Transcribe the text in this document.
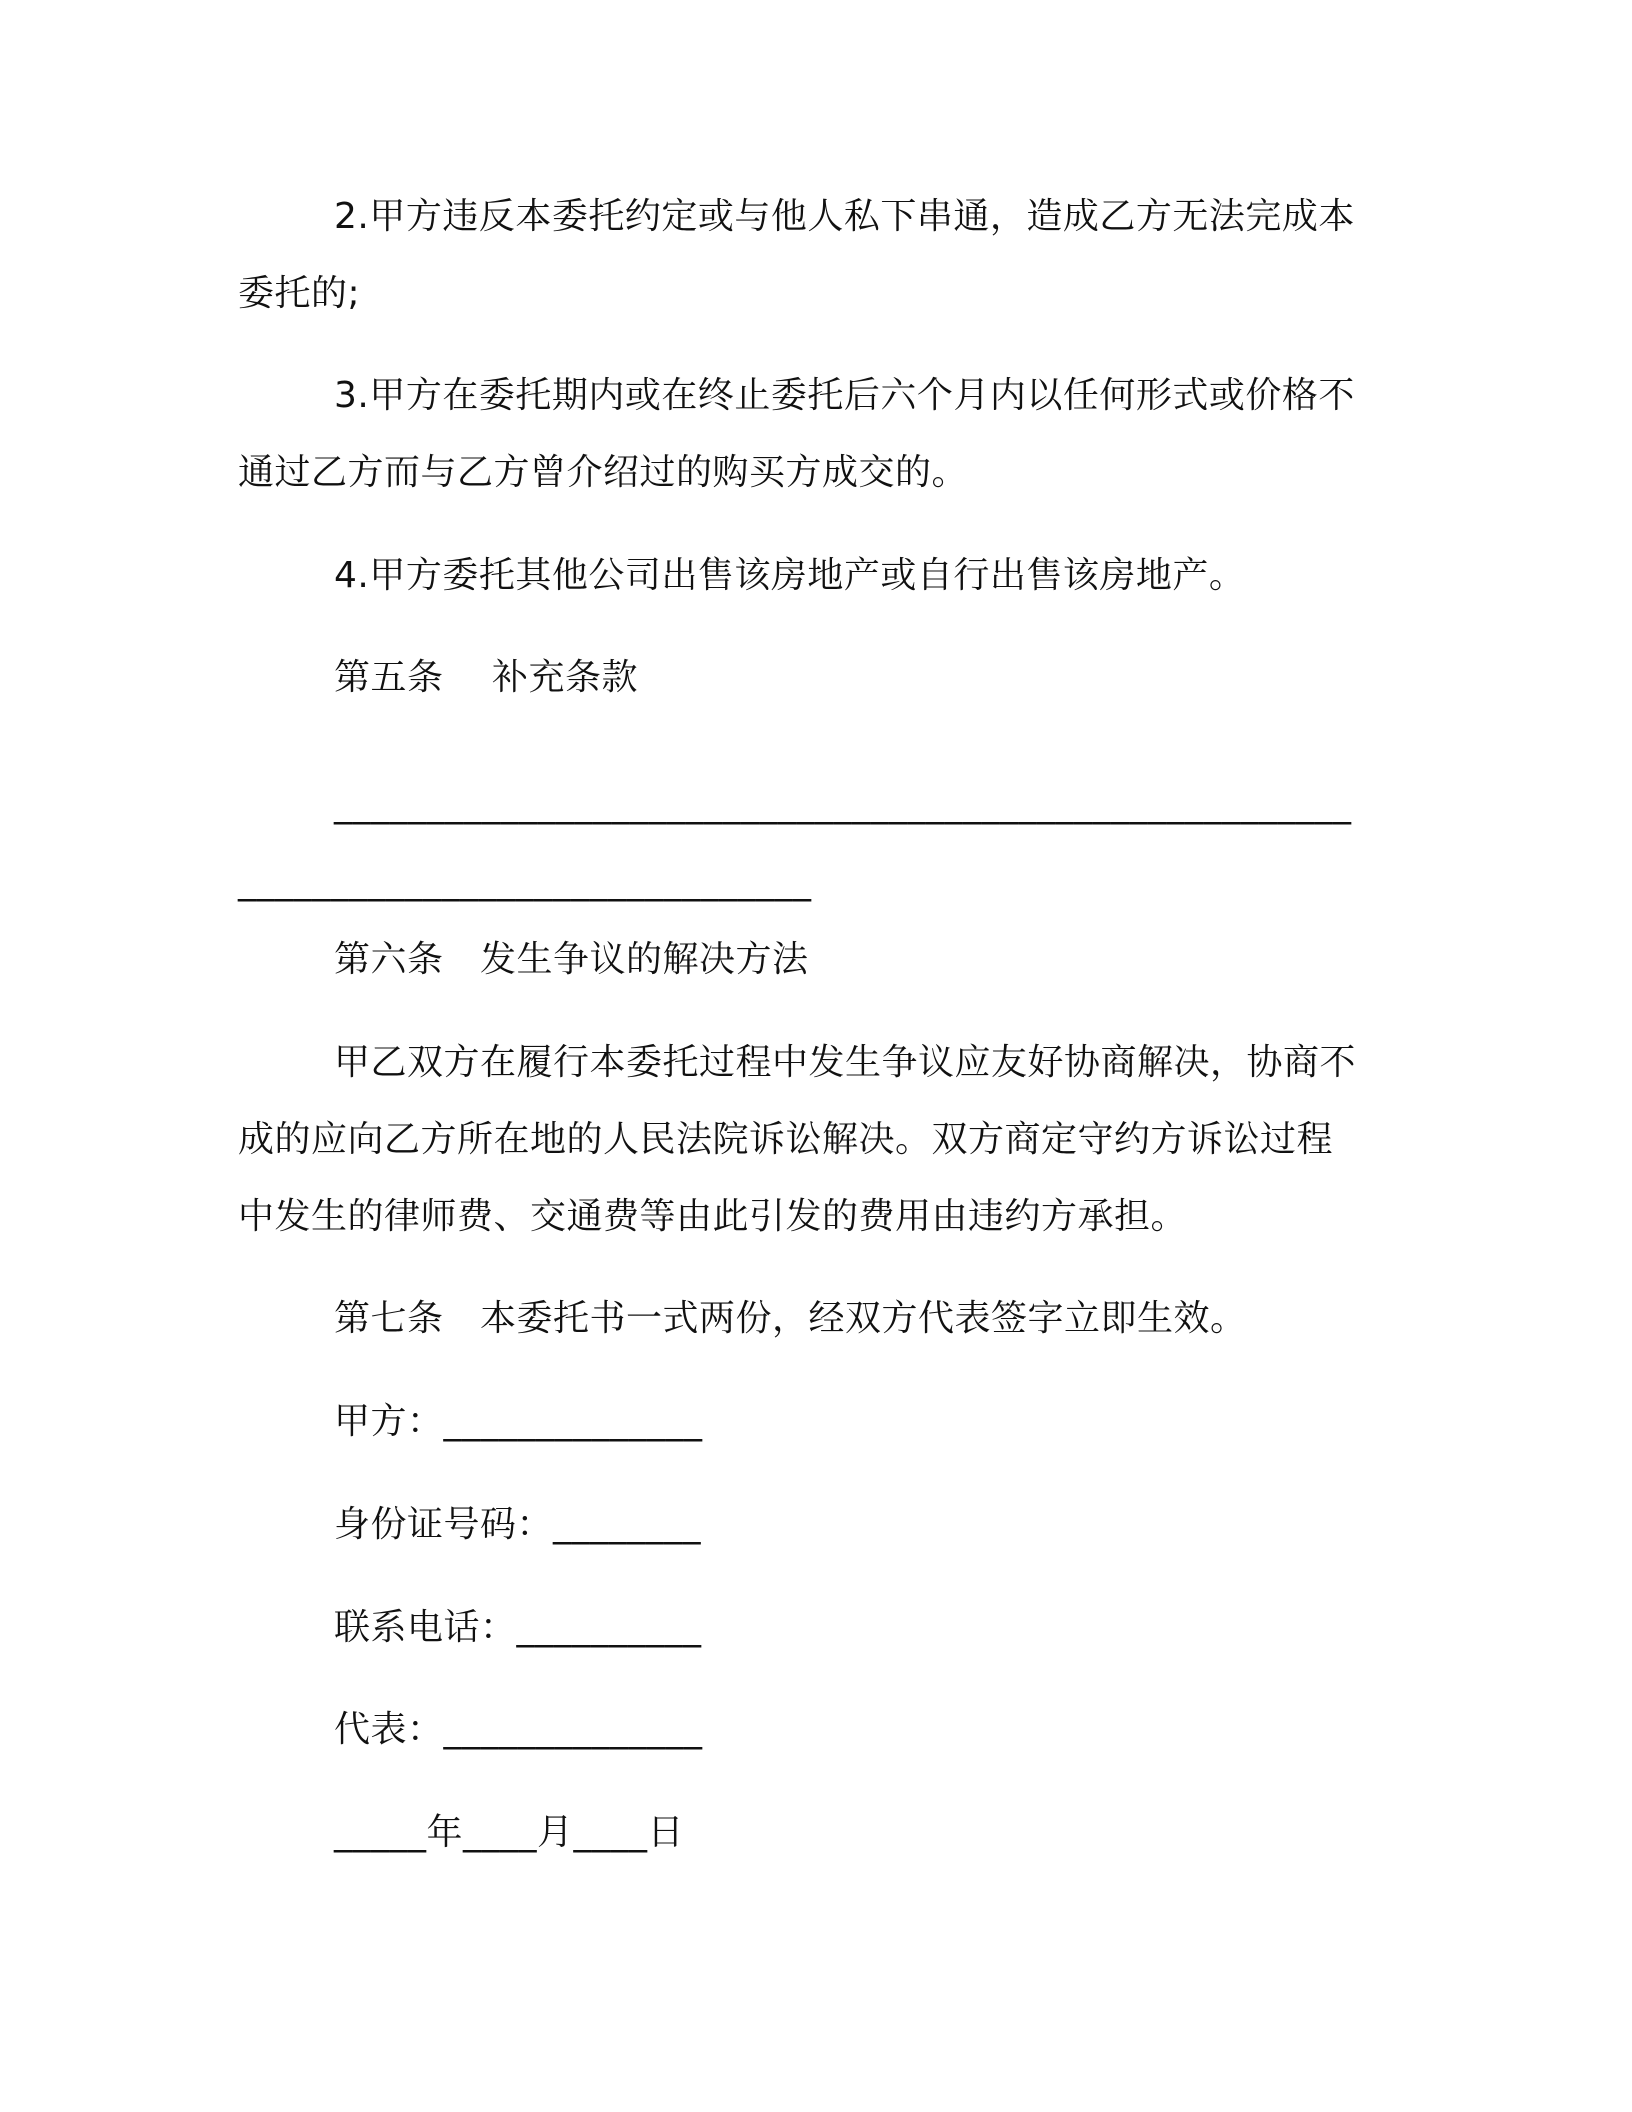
2.甲方违反本委托约定或与他人私下串通，造成乙方无法完成本
委托的;
3.甲方在委托期内或在终止委托后六个月内以任何形式或价格不
通过乙方而与乙方曾介绍过的购买方成交的。
4.甲方委托其他公司出售该房地产或自行出售该房地产。
第五条　 补充条款
_______________________________________________________
_______________________________
第六条　发生争议的解决方法
甲乙双方在履行本委托过程中发生争议应友好协商解决，协商不
成的应向乙方所在地的人民法院诉讼解决。双方商定守约方诉讼过程
中发生的律师费、交通费等由此引发的费用由违约方承担。
第七条　本委托书一式两份，经双方代表签字立即生效。
甲方：______________
身份证号码：________
联系电话：__________
代表：______________
_____年____月____日
